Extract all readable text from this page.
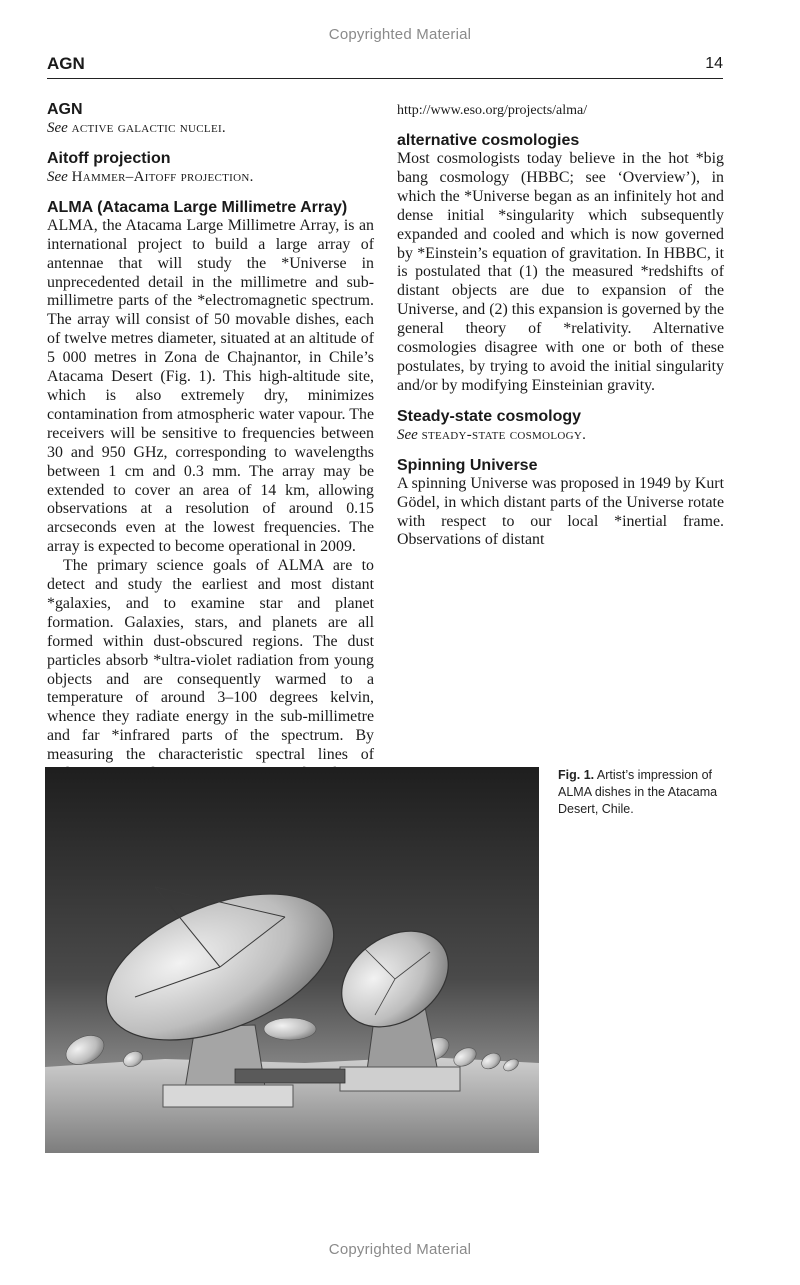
Copyrighted Material
AGN	14
AGN

See active galactic nuclei.

Aitoff projection

See Hammer–Aitoff projection.

ALMA (Atacama Large Millimetre Array)

ALMA, the Atacama Large Millimetre Array, is an international project to build a large array of antennae that will study the *Universe in unprecedented detail in the millimetre and sub-millimetre parts of the *electromagnetic spectrum. The array will consist of 50 movable dishes, each of twelve metres diameter, situated at an altitude of 5 000 metres in Zona de Chajnantor, in Chile’s Atacama Desert (Fig. 1). This high-altitude site, which is also extremely dry, minimizes contamination from atmospheric water vapour. The receivers will be sensitive to frequencies between 30 and 950 GHz, corresponding to wavelengths between 1 cm and 0.3 mm. The array may be extended to cover an area of 14 km, allowing observations at a resolution of around 0.15 arcseconds even at the lowest frequencies. The array is expected to become operational in 2009.

The primary science goals of ALMA are to detect and study the earliest and most distant *galaxies, and to examine star and planet formation. Galaxies, stars, and planets are all formed within dust-obscured regions. The dust particles absorb *ultra-violet radiation from young objects and are consequently warmed to a temperature of around 3–100 degrees kelvin, whence they radiate energy in the sub-millimetre and far *infrared parts of the spectrum. By measuring the characteristic spectral lines of

http://www.eso.org/projects/alma/

alternative cosmologies

Most cosmologists today believe in the hot *big bang cosmology (HBBC; see ‘Overview’), in which the *Universe began as an infinitely hot and dense initial *singularity which subsequently expanded and cooled and which is now governed by *Einstein’s equation of gravitation. In HBBC, it is postulated that (1) the measured *redshifts of distant objects are due to expansion of the Universe, and (2) this expansion is governed by the general theory of *relativity. Alternative cosmologies disagree with one or both of these postulates, by trying to avoid the initial singularity and/or by modifying Einsteinian gravity.

Steady-state cosmology

See steady-state cosmology.

Spinning Universe

A spinning Universe was proposed in 1949 by Kurt Gödel, in which distant parts of the Universe rotate with respect to our local *inertial frame. Observations of distant

Fig. 1. Artist’s impression of ALMA dishes in the Atacama Desert, Chile.
Copyrighted Material
